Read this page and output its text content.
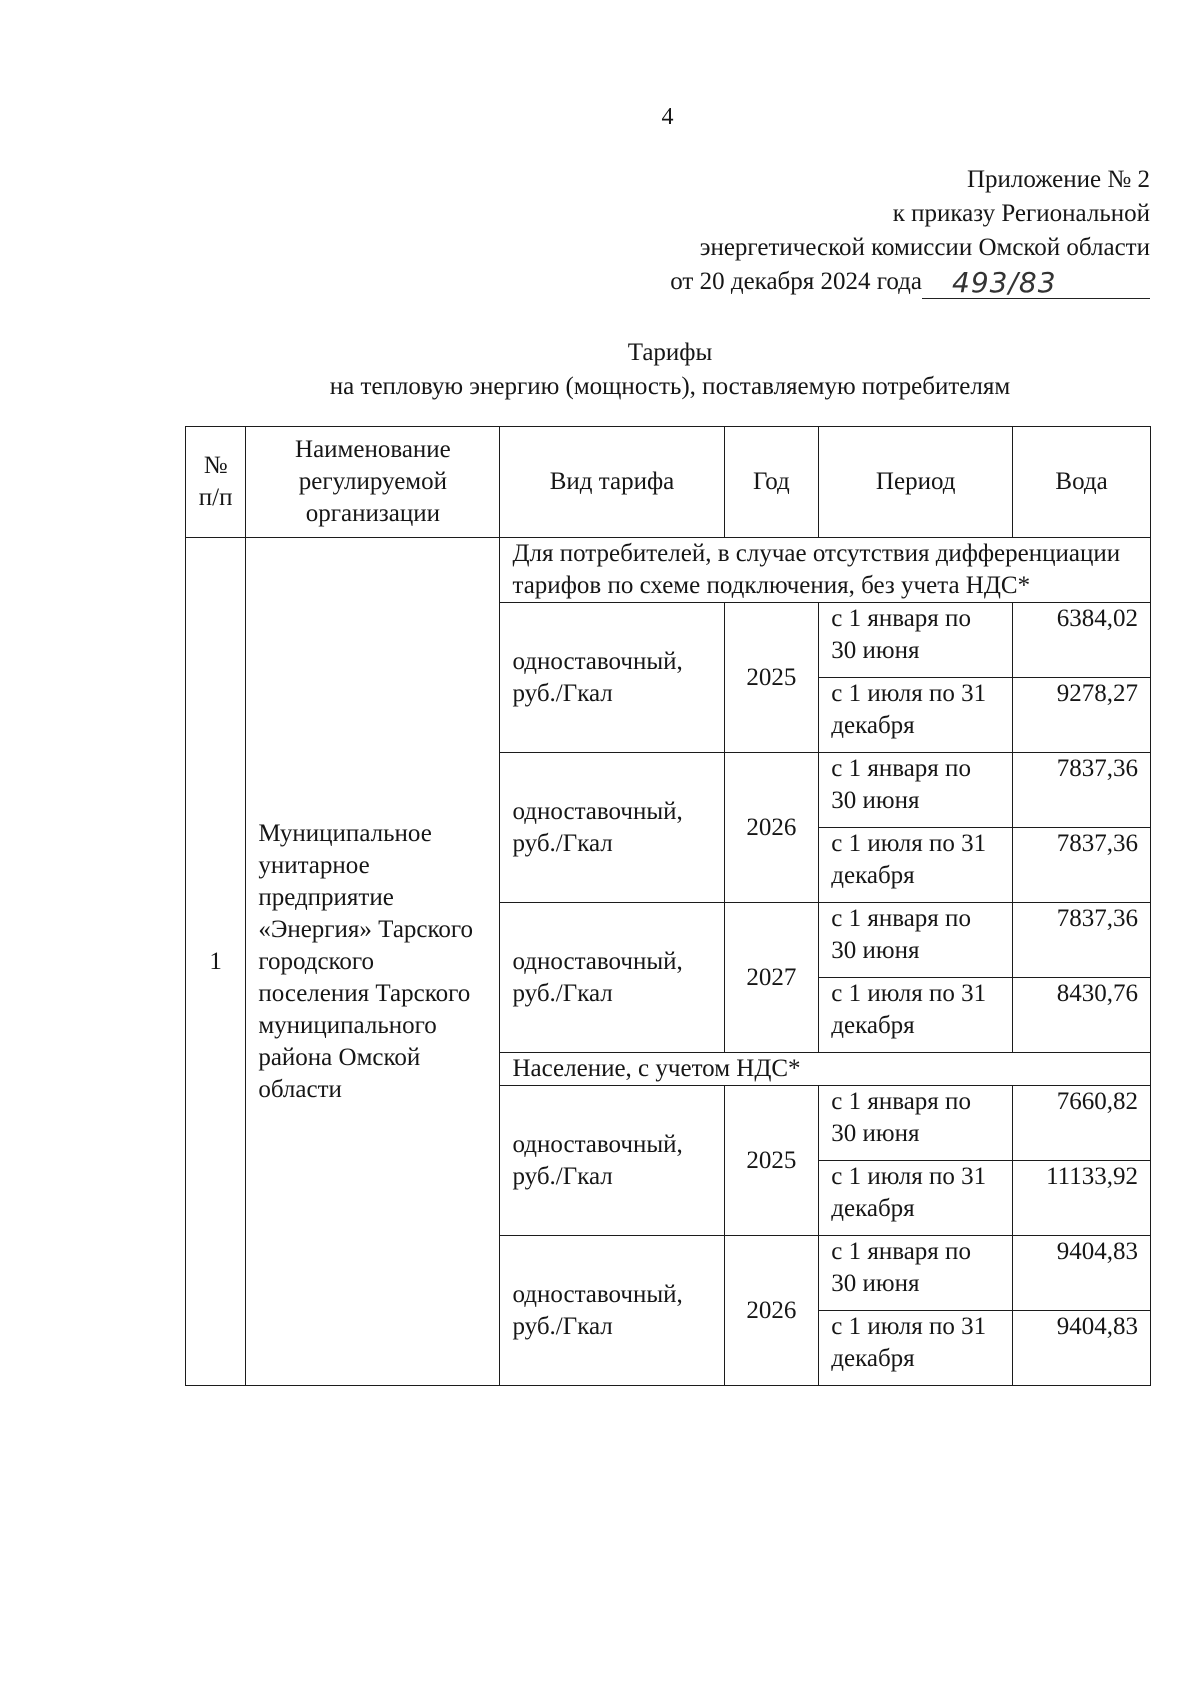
4
Приложение № 2
к приказу Региональной
энергетической комиссии Омской области
от 20 декабря 2024 года 493/83
Тарифы
на тепловую энергию (мощность), поставляемую потребителям
№ п/п	Наименование регулируемой организации	Вид тарифа	Год	Период	Вода
1	Муниципальное унитарное предприятие «Энергия» Тарского городского поселения Тарского муниципального района Омской области	Для потребителей, в случае отсутствия дифференциации тарифов по схеме подключения, без учета НДС*			
		одноставочный, руб./Гкал	2025	с 1 января по 30 июня	6384,02
				с 1 июля по 31 декабря	9278,27
		одноставочный, руб./Гкал	2026	с 1 января по 30 июня	7837,36
				с 1 июля по 31 декабря	7837,36
		одноставочный, руб./Гкал	2027	с 1 января по 30 июня	7837,36
				с 1 июля по 31 декабря	8430,76
		Население, с учетом НДС*			
		одноставочный, руб./Гкал	2025	с 1 января по 30 июня	7660,82
				с 1 июля по 31 декабря	11133,92
		одноставочный, руб./Гкал	2026	с 1 января по 30 июня	9404,83
				с 1 июля по 31 декабря	9404,83
